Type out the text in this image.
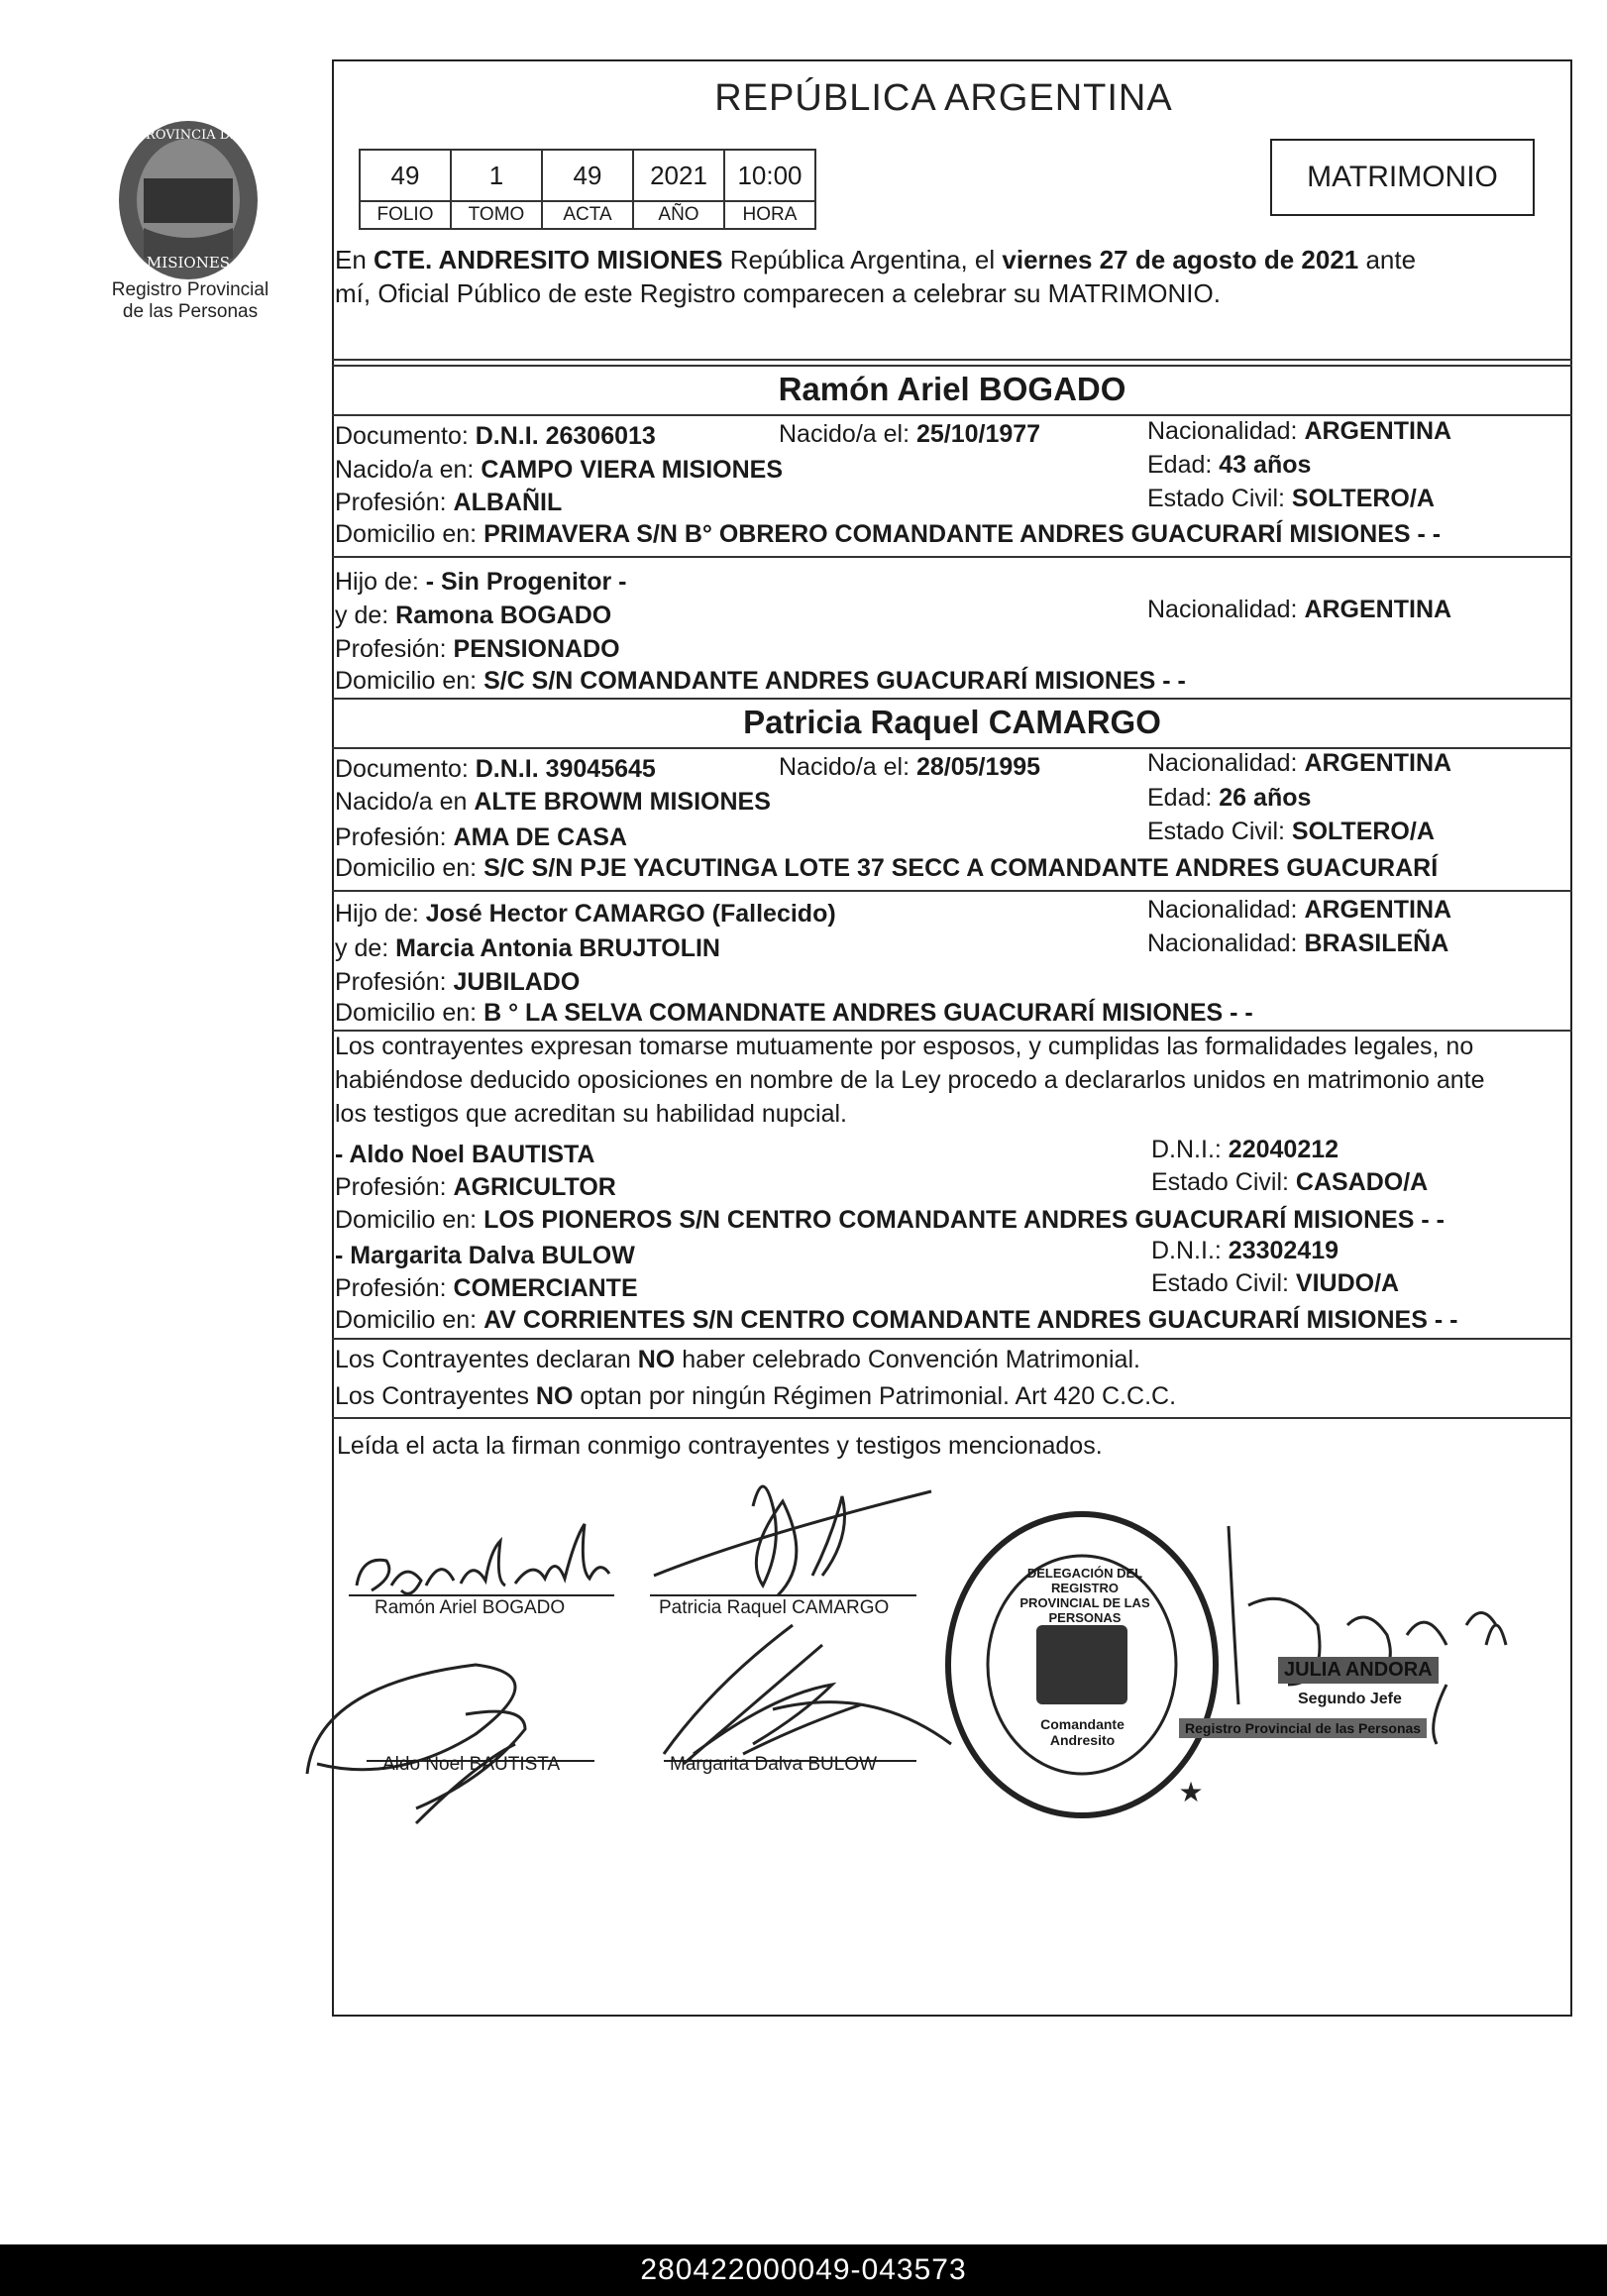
PROVINCIA DE
MISIONES
Registro Provincial
de las Personas
REPÚBLICA ARGENTINA
49	1	49	2021	10:00
FOLIO	TOMO	ACTA	AÑO	HORA
MATRIMONIO
En CTE. ANDRESITO MISIONES República Argentina, el viernes 27 de agosto de 2021 ante
mí, Oficial Público de este Registro comparecen a celebrar su MATRIMONIO.
Ramón Ariel BOGADO
Documento: D.N.I. 26306013	Nacido/a el: 25/10/1977	Nacionalidad: ARGENTINA
Nacido/a en: CAMPO VIERA MISIONES	Edad: 43 años
Profesión: ALBAÑIL	Estado Civil: SOLTERO/A
Domicilio en: PRIMAVERA S/N B° OBRERO COMANDANTE ANDRES GUACURARÍ MISIONES - -
Hijo de: - Sin Progenitor -
y de: Ramona BOGADO	Nacionalidad: ARGENTINA
Profesión: PENSIONADO
Domicilio en: S/C S/N COMANDANTE ANDRES GUACURARÍ MISIONES - -
Patricia Raquel CAMARGO
Documento: D.N.I. 39045645	Nacido/a el: 28/05/1995	Nacionalidad: ARGENTINA
Nacido/a en ALTE BROWM MISIONES	Edad: 26 años
Profesión: AMA DE CASA	Estado Civil: SOLTERO/A
Domicilio en: S/C S/N PJE YACUTINGA LOTE 37 SECC A COMANDANTE ANDRES GUACURARÍ
Hijo de: José Hector CAMARGO (Fallecido)	Nacionalidad: ARGENTINA
y de: Marcia Antonia BRUJTOLIN	Nacionalidad: BRASILEÑA
Profesión: JUBILADO
Domicilio en: B ° LA SELVA COMANDNATE ANDRES GUACURARÍ MISIONES - -
Los contrayentes expresan tomarse mutuamente por esposos, y cumplidas las formalidades legales, no
habiéndose deducido oposiciones en nombre de la Ley procedo a declararlos unidos en matrimonio ante
los testigos que acreditan su habilidad nupcial.
- Aldo Noel BAUTISTA	D.N.I.: 22040212
Profesión: AGRICULTOR	Estado Civil: CASADO/A
Domicilio en: LOS PIONEROS S/N CENTRO COMANDANTE ANDRES GUACURARÍ MISIONES - -
- Margarita Dalva BULOW	D.N.I.: 23302419
Profesión: COMERCIANTE	Estado Civil: VIUDO/A
Domicilio en: AV CORRIENTES S/N CENTRO COMANDANTE ANDRES GUACURARÍ MISIONES - -
Los Contrayentes declaran NO haber celebrado Convención Matrimonial.
Los Contrayentes NO optan por ningún Régimen Patrimonial. Art 420 C.C.C.
Leída el acta la firman conmigo contrayentes y testigos mencionados.
★
Ramón Ariel BOGADO	Patricia Raquel CAMARGO
Aldo Noel BAUTISTA	Margarita Dalva BULOW
DELEGACIÓN DEL REGISTRO PROVINCIAL DE LAS PERSONAS
Comandante Andresito
JULIA ANDORA
Segundo Jefe
Registro Provincial de las Personas
280422000049-043573
